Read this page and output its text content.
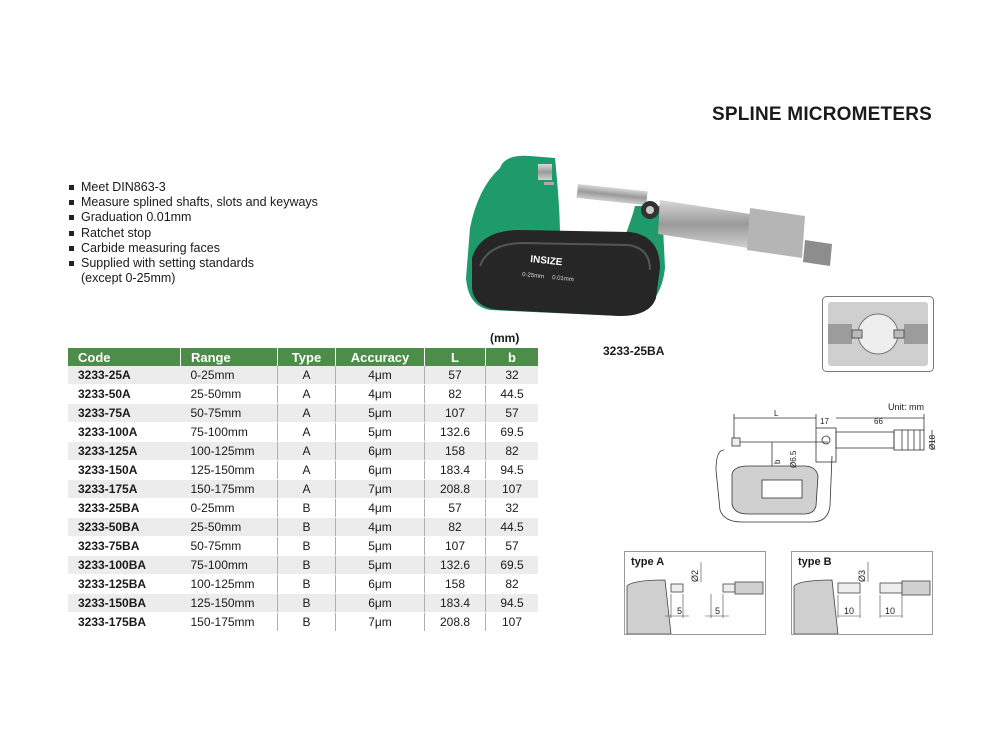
SPLINE MICROMETERS
Meet DIN863-3
Measure splined shafts, slots and keyways
Graduation 0.01mm
Ratchet stop
Carbide measuring faces
Supplied with setting standards
(except 0-25mm)
INSIZE
0-25mm 0.01mm
3233-25BA
Unit: mm
L
17	66
Ø18
Ø6.5
b
type A
5	5
Ø2
type B
10	10
Ø3
(mm)
Code	Range	Type	Accuracy	L	b
3233-25A	0-25mm	A	4μm	57	32
3233-50A	25-50mm	A	4μm	82	44.5
3233-75A	50-75mm	A	5μm	107	57
3233-100A	75-100mm	A	5μm	132.6	69.5
3233-125A	100-125mm	A	6μm	158	82
3233-150A	125-150mm	A	6μm	183.4	94.5
3233-175A	150-175mm	A	7μm	208.8	107
3233-25BA	0-25mm	B	4μm	57	32
3233-50BA	25-50mm	B	4μm	82	44.5
3233-75BA	50-75mm	B	5μm	107	57
3233-100BA	75-100mm	B	5μm	132.6	69.5
3233-125BA	100-125mm	B	6μm	158	82
3233-150BA	125-150mm	B	6μm	183.4	94.5
3233-175BA	150-175mm	B	7μm	208.8	107
